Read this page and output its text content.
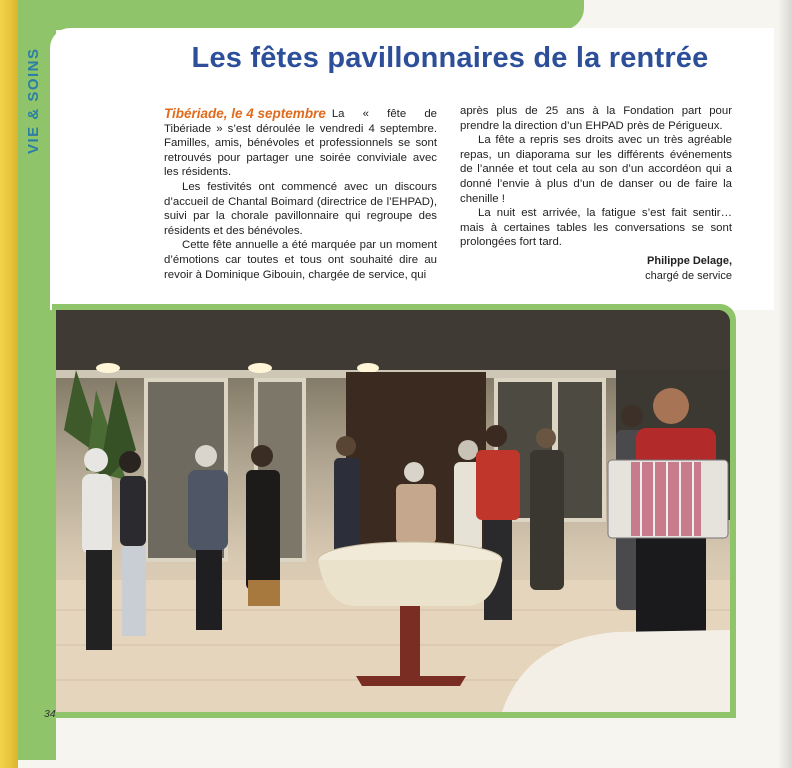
VIE & SOINS	Les fêtes pavillonnaires de la rentrée
Tibériade, le 4 septembre La « fête de Tibériade » s’est déroulée le vendredi 4 septembre. Familles, amis, bénévoles et professionnels se sont retrouvés pour partager une soirée conviviale avec les résidents.

Les festivités ont commencé avec un discours d’accueil de Chantal Boimard (directrice de l’EHPAD), suivi par la chorale pavillonnaire qui regroupe des résidents et des bénévoles.

Cette fête annuelle a été marquée par un moment d’émotions car toutes et tous ont souhaité dire au revoir à Dominique Gibouin, chargée de service, qui

après plus de 25 ans à la Fondation part pour prendre la direction d’un EHPAD près de Périgueux.

La fête a repris ses droits avec un très agréable repas, un diaporama sur les différents événements de l’année et tout cela au son d’un accordéon qui a donné l’envie à plus d’un de danser ou de faire la chenille !

La nuit est arrivée, la fatigue s’est fait sentir… mais à certaines tables les conversations se sont prolongées fort tard.

Philippe Delage,
chargé de service
34
